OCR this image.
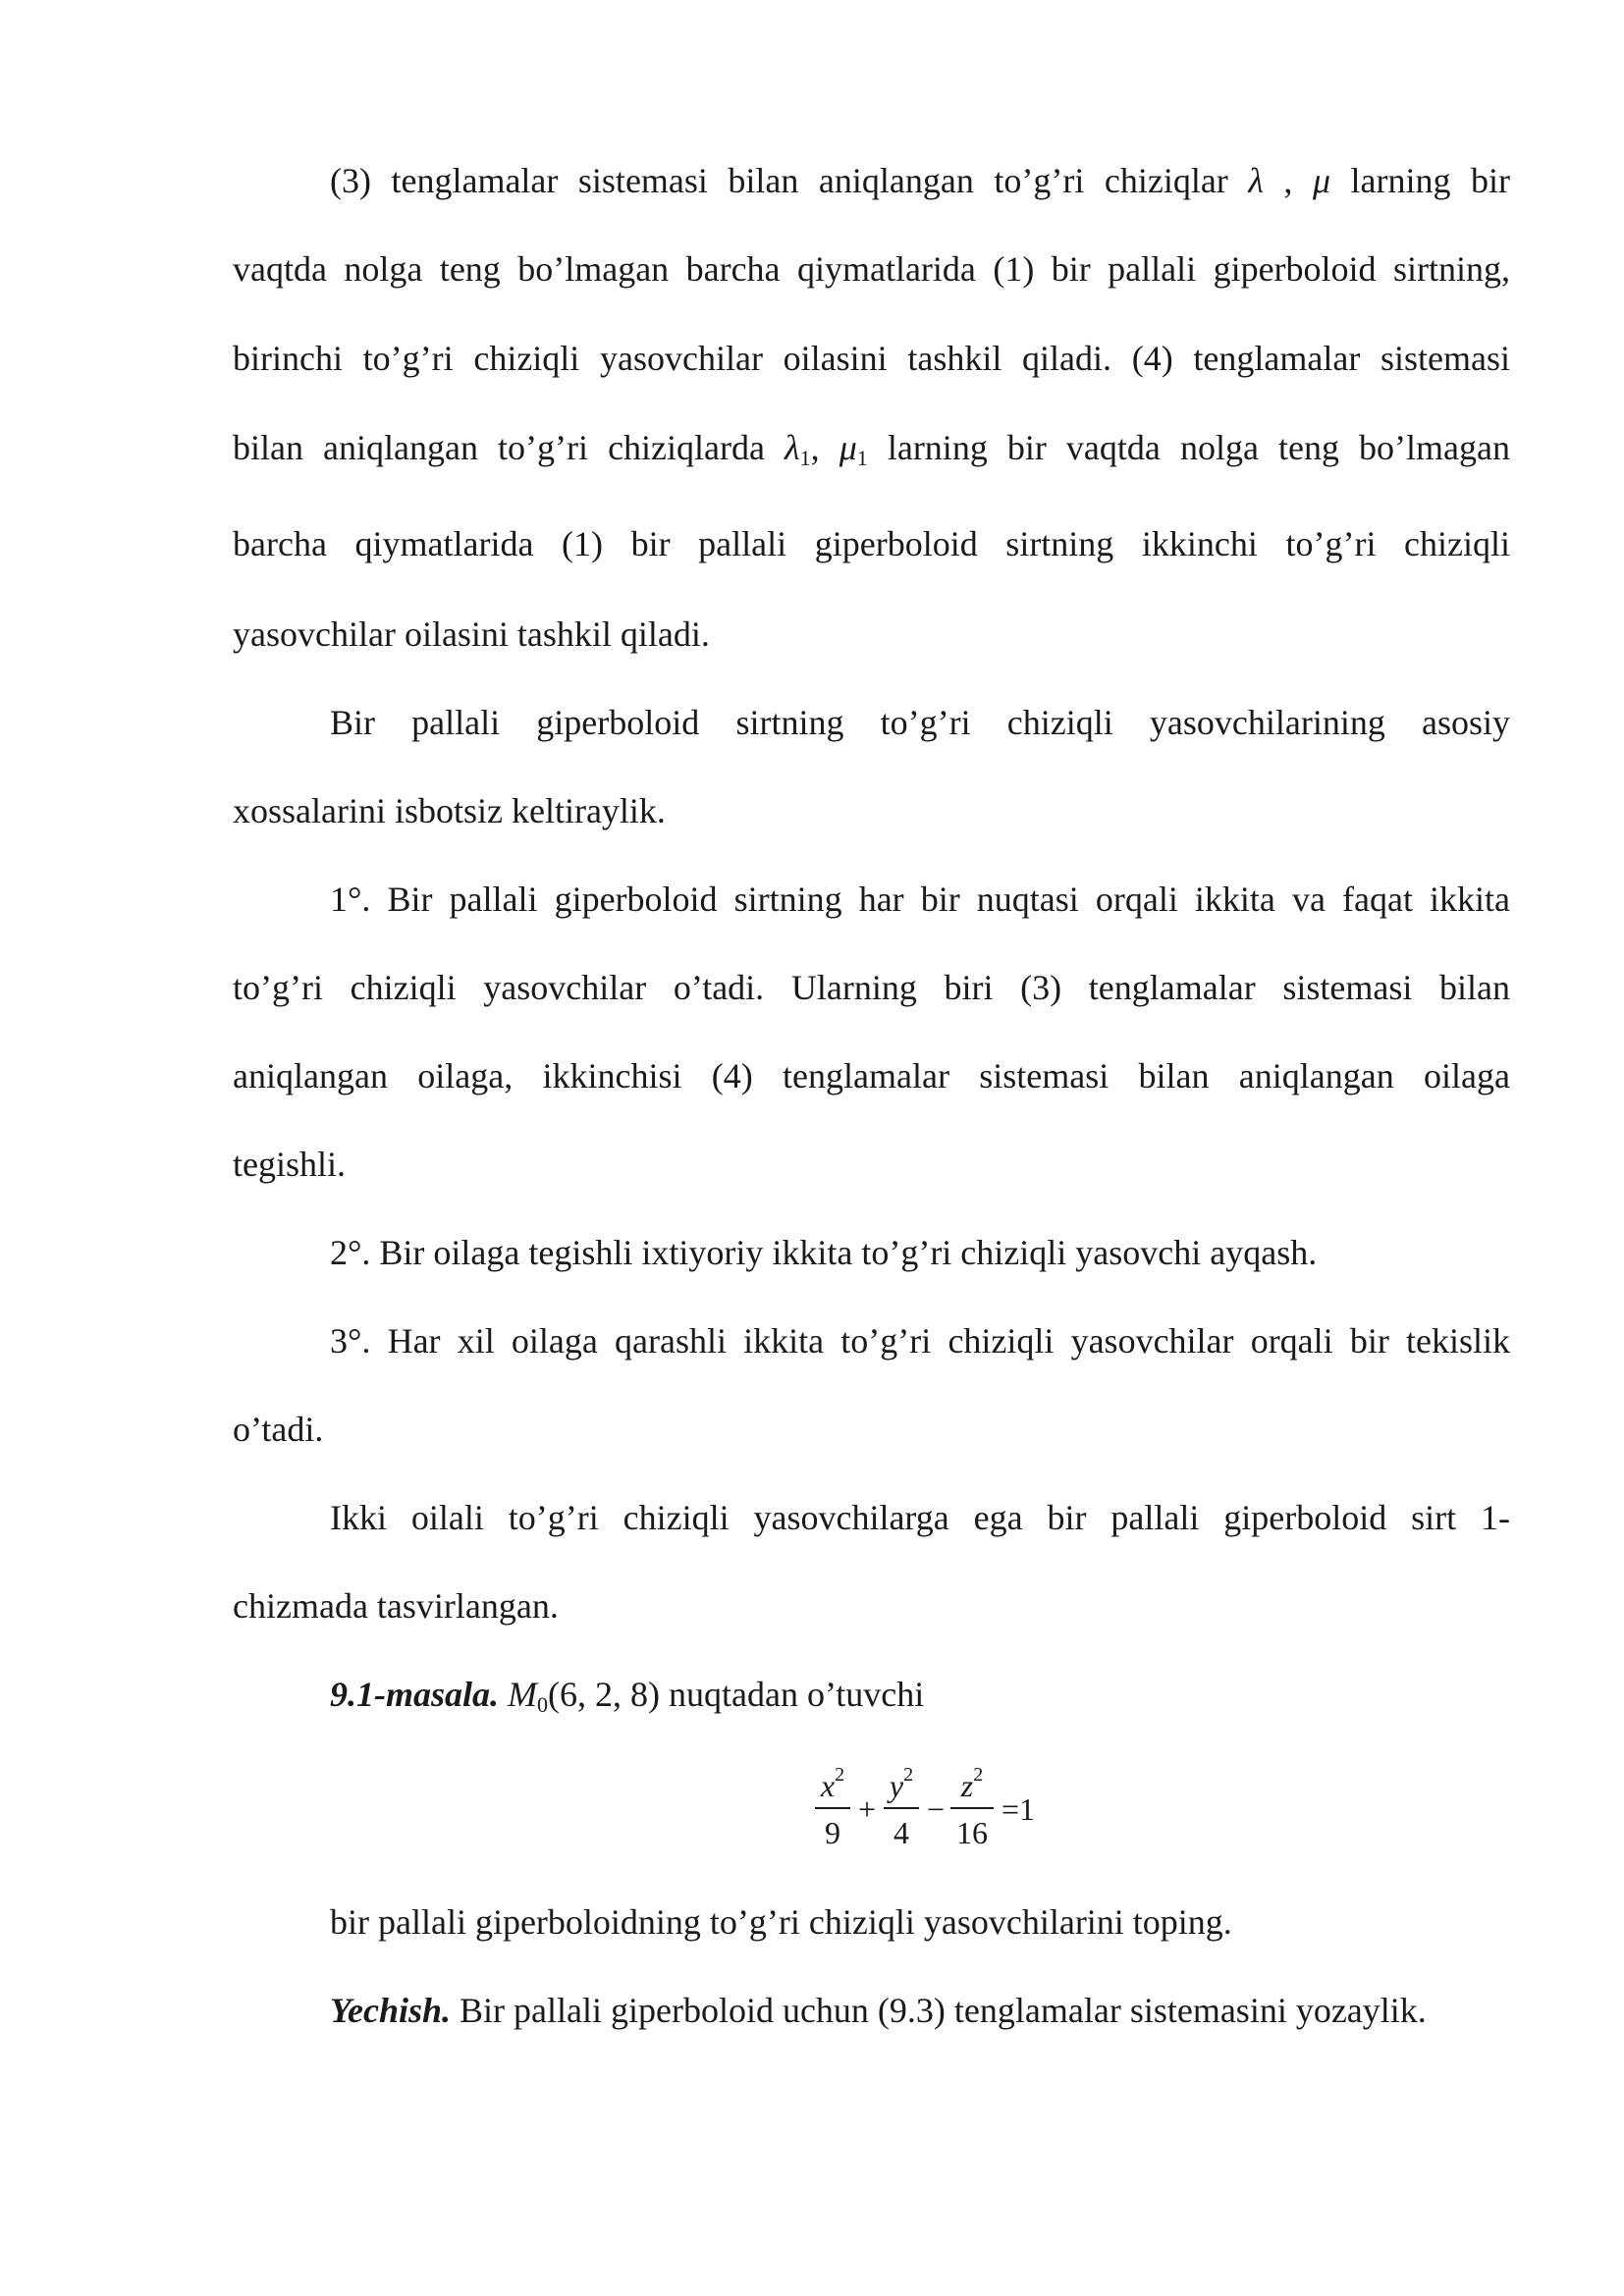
(3) tenglamalar sistemasi bilan aniqlangan to’g’ri chiziqlar λ , μ larning bir
vaqtda nolga teng bo’lmagan barcha qiymatlarida (1) bir pallali giperboloid sirtning,
birinchi to’g’ri chiziqli yasovchilar oilasini tashkil qiladi. (4) tenglamalar sistemasi
bilan aniqlangan to’g’ri chiziqlarda $\lambda_1$, $\mu_1$ larning bir vaqtda nolga teng bo’lmagan
barcha qiymatlarida (1) bir pallali giperboloid sirtning ikkinchi to’g’ri chiziqli
yasovchilar oilasini tashkil qiladi.
Bir pallali giperboloid sirtning to’g’ri chiziqli yasovchilarining asosiy
xossalarini isbotsiz keltiraylik.
1°. Bir pallali giperboloid sirtning har bir nuqtasi orqali ikkita va faqat ikkita
to’g’ri chiziqli yasovchilar o’tadi. Ularning biri (3) tenglamalar sistemasi bilan
aniqlangan oilaga, ikkinchisi (4) tenglamalar sistemasi bilan aniqlangan oilaga
tegishli.
2°. Bir oilaga tegishli ixtiyoriy ikkita to’g’ri chiziqli yasovchi ayqash.
3°. Har xil oilaga qarashli ikkita to’g’ri chiziqli yasovchilar orqali bir tekislik
o’tadi.
Ikki oilali to’g’ri chiziqli yasovchilarga ega bir pallali giperboloid sirt 1-
chizmada tasvirlangan.
9.1-masala. $M_0(6$, 2, 8) nuqtadan o’tuvchi
$x^2$
9
+
$y^2$
4
−
$z^2$
16
=1
bir pallali giperboloidning to’g’ri chiziqli yasovchilarini toping.
Yechish. Bir pallali giperboloid uchun (9.3) tenglamalar sistemasini yozaylik.
